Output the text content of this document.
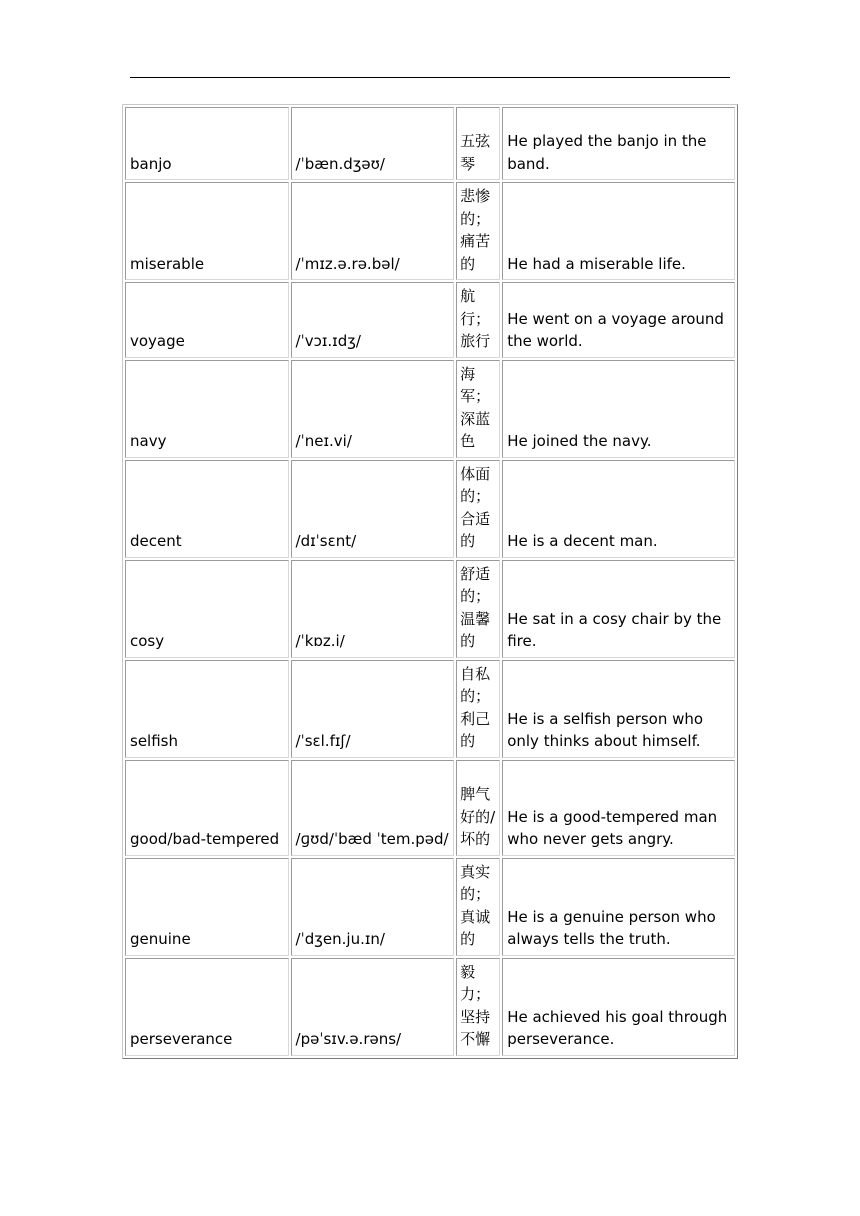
banjo	/ˈbæn.dʒəʊ/	五弦琴	He played the banjo in the band.
miserable	/ˈmɪz.ə.rə.bəl/	悲惨的；痛苦的	He had a miserable life.
voyage	/ˈvɔɪ.ɪdʒ/	航行；旅行	He went on a voyage around the world.
navy	/ˈneɪ.vi/	海军；深蓝色	He joined the navy.
decent	/dɪˈsɛnt/	体面的；合适的	He is a decent man.
cosy	/ˈkɒz.i/	舒适的；温馨的	He sat in a cosy chair by the fire.
selfish	/ˈsɛl.fɪʃ/	自私的；利己的	He is a selfish person who only thinks about himself.
good/bad-tempered	/ɡʊd/ˈbæd ˈtem.pəd/	脾气好的/坏的	He is a good-tempered man who never gets angry.
genuine	/ˈdʒen.ju.ɪn/	真实的；真诚的	He is a genuine person who always tells the truth.
perseverance	/pəˈsɪv.ə.rəns/	毅力；坚持不懈	He achieved his goal through perseverance.
